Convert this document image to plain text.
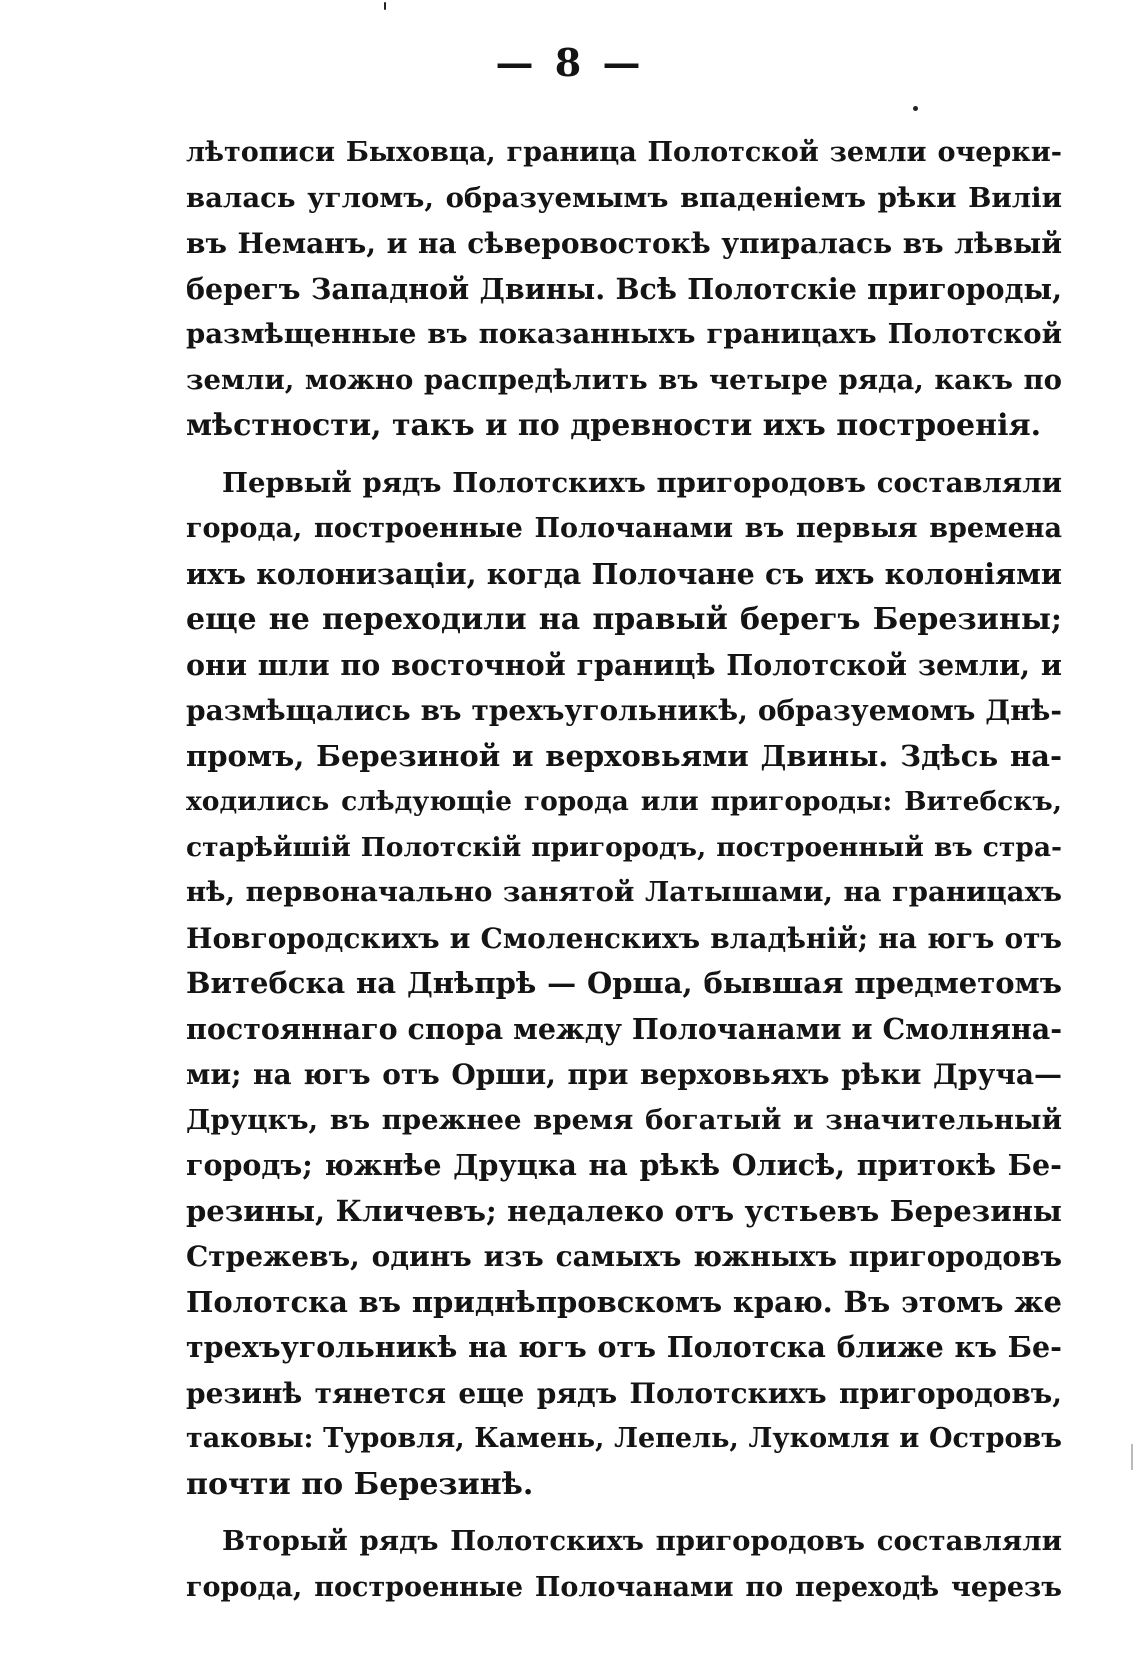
— 8 —
лѣтописи Быховца, граница Полотской земли очерки-
валась угломъ, образуемымъ впаденіемъ рѣки Виліи
въ Неманъ, и на сѣверовостокѣ упиралась въ лѣвый
берегъ Западной Двины. Всѣ Полотскіе пригороды,
размѣщенные въ показанныхъ границахъ Полотской
земли, можно распредѣлить въ четыре ряда, какъ по
мѣстности, такъ и по древности ихъ построенія.
Первый рядъ Полотскихъ пригородовъ составляли
города, построенные Полочанами въ первыя времена
ихъ колонизаціи, когда Полочане съ ихъ колоніями
еще не переходили на правый берегъ Березины;
они шли по восточной границѣ Полотской земли, и
размѣщались въ трехъугольникѣ, образуемомъ Днѣ-
промъ, Березиной и верховьями Двины. Здѣсь на-
ходились слѣдующіе города или пригороды: Витебскъ,
старѣйшій Полотскій пригородъ, построенный въ стра-
нѣ, первоначально занятой Латышами, на границахъ
Новгородскихъ и Смоленскихъ владѣній; на югъ отъ
Витебска на Днѣпрѣ — Орша, бывшая предметомъ
постояннаго спора между Полочанами и Смолняна-
ми; на югъ отъ Орши, при верховьяхъ рѣки Друча—
Друцкъ, въ прежнее время богатый и значительный
городъ; южнѣе Друцка на рѣкѣ Олисѣ, притокѣ Бе-
резины, Кличевъ; недалеко отъ устьевъ Березины
Стрежевъ, одинъ изъ самыхъ южныхъ пригородовъ
Полотска въ приднѣпровскомъ краю. Въ этомъ же
трехъугольникѣ на югъ отъ Полотска ближе къ Бе-
резинѣ тянется еще рядъ Полотскихъ пригородовъ,
таковы: Туровля, Камень, Лепель, Лукомля и Островъ
почти по Березинѣ.
Вторый рядъ Полотскихъ пригородовъ составляли
города, построенные Полочанами по переходѣ черезъ
